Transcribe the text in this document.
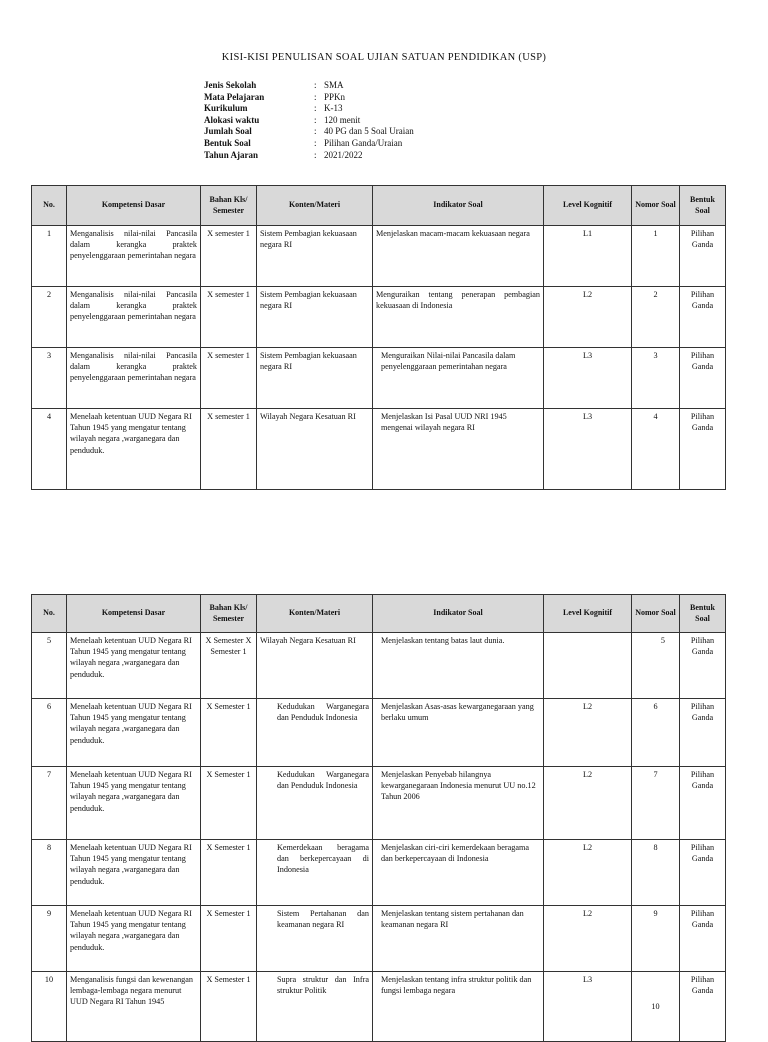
KISI-KISI PENULISAN SOAL UJIAN SATUAN PENDIDIKAN (USP)
Jenis Sekolah	: SMA
Mata Pelajaran	: PPKn
Kurikulum	: K-13
Alokasi waktu	: 120 menit
Jumlah Soal	: 40 PG dan 5 Soal Uraian
Bentuk Soal	: Pilihan Ganda/Uraian
Tahun Ajaran	: 2021/2022
No.	Kompetensi Dasar	Bahan Kls/ Semester	Konten/Materi	Indikator Soal	Level Kognitif	Nomor Soal	Bentuk Soal
1	Menganalisis nilai-nilai Pancasila dalam kerangka praktek penyelenggaraan pemerintahan negara	X semester 1	Sistem Pembagian kekuasaan negara RI	Menjelaskan macam-macam kekuasaan negara	L1	1	Pilihan Ganda
2	Menganalisis nilai-nilai Pancasila dalam kerangka praktek penyelenggaraan pemerintahan negara	X semester 1	Sistem Pembagian kekuasaan negara RI	Menguraikan tentang penerapan pembagian kekuasaan di Indonesia	L2	2	Pilihan Ganda
3	Menganalisis nilai-nilai Pancasila dalam kerangka praktek penyelenggaraan pemerintahan negara	X semester 1	Sistem Pembagian kekuasaan negara RI	Menguraikan Nilai-nilai Pancasila dalam penyelenggaraan pemerintahan negara	L3	3	Pilihan Ganda
4	Menelaah ketentuan UUD Negara RI Tahun 1945 yang mengatur tentang wilayah negara ,warganegara dan penduduk.	X semester 1	Wilayah Negara Kesatuan RI	Menjelaskan Isi Pasal UUD NRI 1945 mengenai wilayah negara RI	L3	4	Pilihan Ganda
No.	Kompetensi Dasar	Bahan Kls/ Semester	Konten/Materi	Indikator Soal	Level Kognitif	Nomor Soal	Bentuk Soal
5	Menelaah ketentuan UUD Negara RI Tahun 1945 yang mengatur tentang wilayah negara ,warganegara dan penduduk.	X Semester X Semester 1	Wilayah Negara Kesatuan RI	Menjelaskan tentang batas laut dunia.		5	Pilihan Ganda
6	Menelaah ketentuan UUD Negara RI Tahun 1945 yang mengatur tentang wilayah negara ,warganegara dan penduduk.	X Semester 1	Kedudukan Warganegara dan Penduduk Indonesia	Menjelaskan Asas-asas kewarganegaraan yang berlaku umum	L2	6	Pilihan Ganda
7	Menelaah ketentuan UUD Negara RI Tahun 1945 yang mengatur tentang wilayah negara ,warganegara dan penduduk.	X Semester 1	Kedudukan Warganegara dan Penduduk Indonesia	Menjelaskan Penyebab hilangnya kewarganegaraan Indonesia menurut UU no.12 Tahun 2006	L2	7	Pilihan Ganda
8	Menelaah ketentuan UUD Negara RI Tahun 1945 yang mengatur tentang wilayah negara ,warganegara dan penduduk.	X Semester 1	Kemerdekaan beragama dan berkepercayaan di Indonesia	Menjelaskan ciri-ciri kemerdekaan beragama dan berkepercayaan di Indonesia	L2	8	Pilihan Ganda
9	Menelaah ketentuan UUD Negara RI Tahun 1945 yang mengatur tentang wilayah negara ,warganegara dan penduduk.	X Semester 1	Sistem Pertahanan dan keamanan negara RI	Menjelaskan tentang sistem pertahanan dan keamanan negara RI	L2	9	Pilihan Ganda
10	Menganalisis fungsi dan kewenangan lembaga-lembaga negara menurut UUD Negara RI Tahun 1945	X Semester 1	Supra struktur dan Infra struktur Politik	Menjelaskan tentang infra struktur politik dan fungsi lembaga negara	L3	10	Pilihan Ganda
